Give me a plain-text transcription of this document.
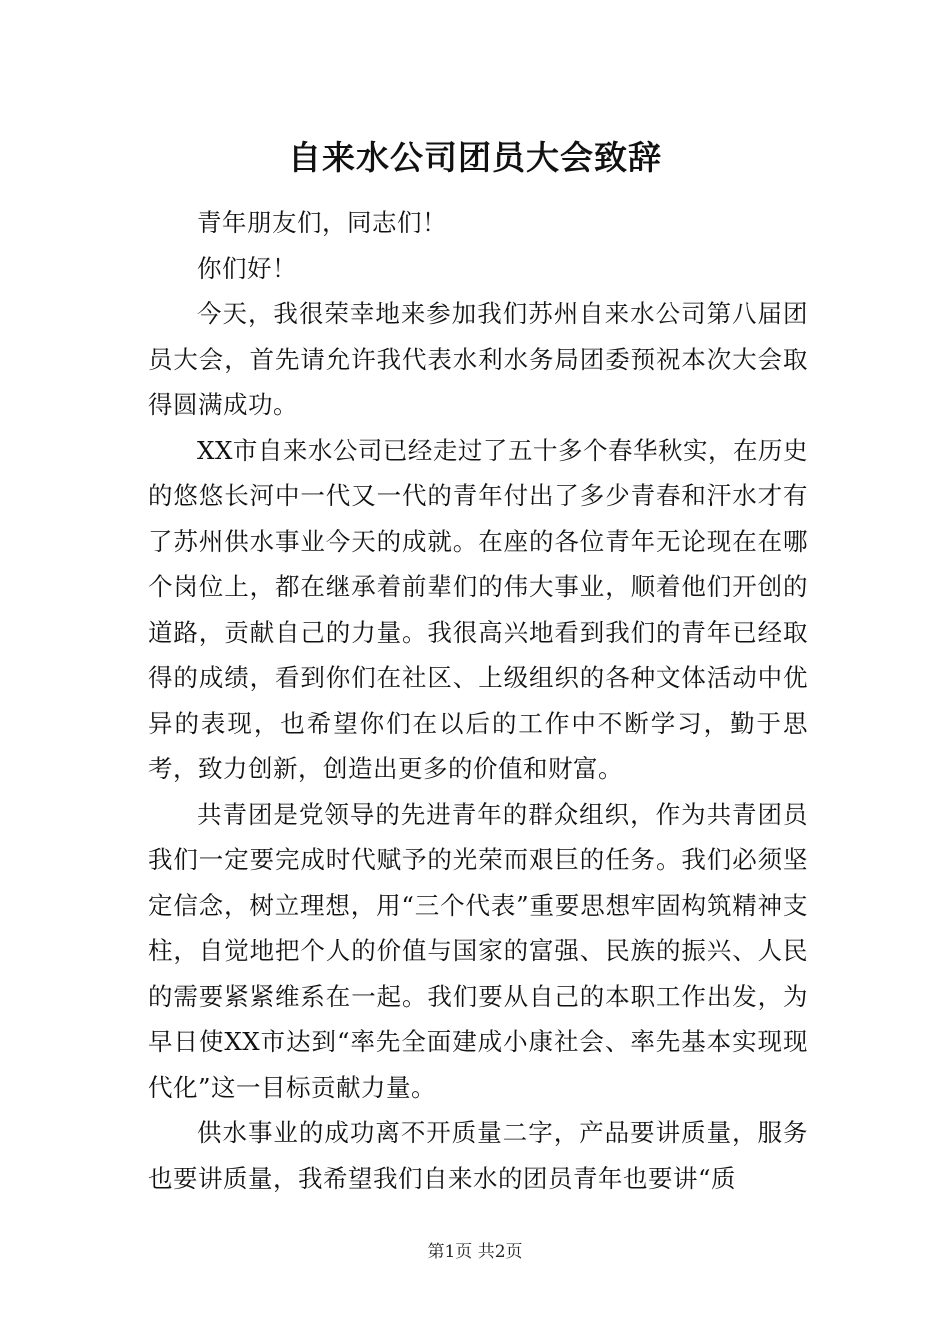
自来水公司团员大会致辞

青年朋友们，同志们！

你们好！

今天，我很荣幸地来参加我们苏州自来水公司第八届团员大会，首先请允许我代表水利水务局团委预祝本次大会取得圆满成功。

XX市自来水公司已经走过了五十多个春华秋实，在历史的悠悠长河中一代又一代的青年付出了多少青春和汗水才有了苏州供水事业今天的成就。在座的各位青年无论现在在哪个岗位上，都在继承着前辈们的伟大事业，顺着他们开创的道路，贡献自己的力量。我很高兴地看到我们的青年已经取得的成绩，看到你们在社区、上级组织的各种文体活动中优异的表现，也希望你们在以后的工作中不断学习，勤于思考，致力创新，创造出更多的价值和财富。

共青团是党领导的先进青年的群众组织，作为共青团员我们一定要完成时代赋予的光荣而艰巨的任务。我们必须坚定信念，树立理想，用“三个代表”重要思想牢固构筑精神支柱，自觉地把个人的价值与国家的富强、民族的振兴、人民的需要紧紧维系在一起。我们要从自己的本职工作出发，为早日使XX市达到“率先全面建成小康社会、率先基本实现现代化”这一目标贡献力量。

供水事业的成功离不开质量二字，产品要讲质量，服务也要讲质量，我希望我们自来水的团员青年也要讲“质

第1页 共2页
